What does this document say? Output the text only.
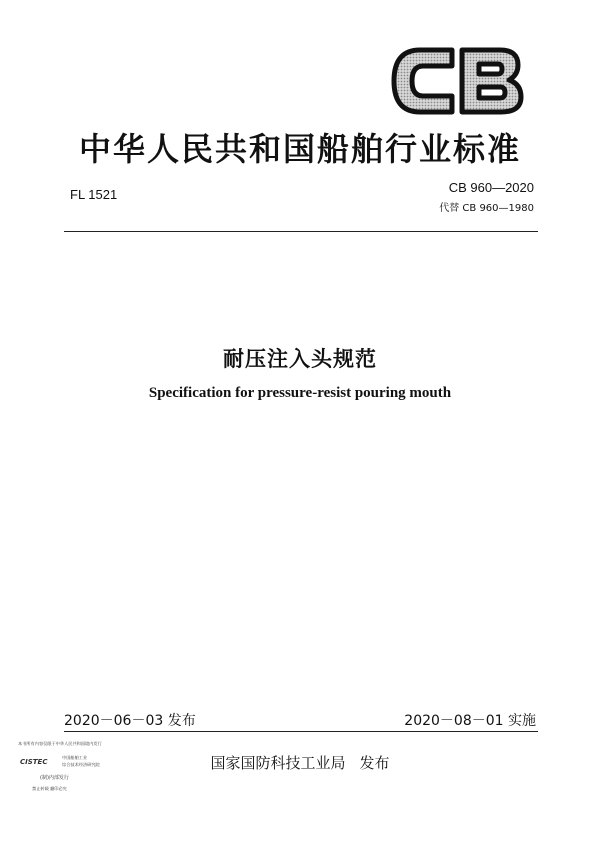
中华人民共和国船舶行业标准
FL 1521	CB 960—2020
代替 CB 960—1980
耐压注入头规范
Specification for pressure-resist pouring mouth
2020－06－03 发布	2020－08－01 实施
本书所有内容仅限于中华人民共和国境内发行
CISTEC
中国船舶工业
综合技术经济研究院
(制)内部发行
禁止转载 翻印必究
国家国防科技工业局 发布
